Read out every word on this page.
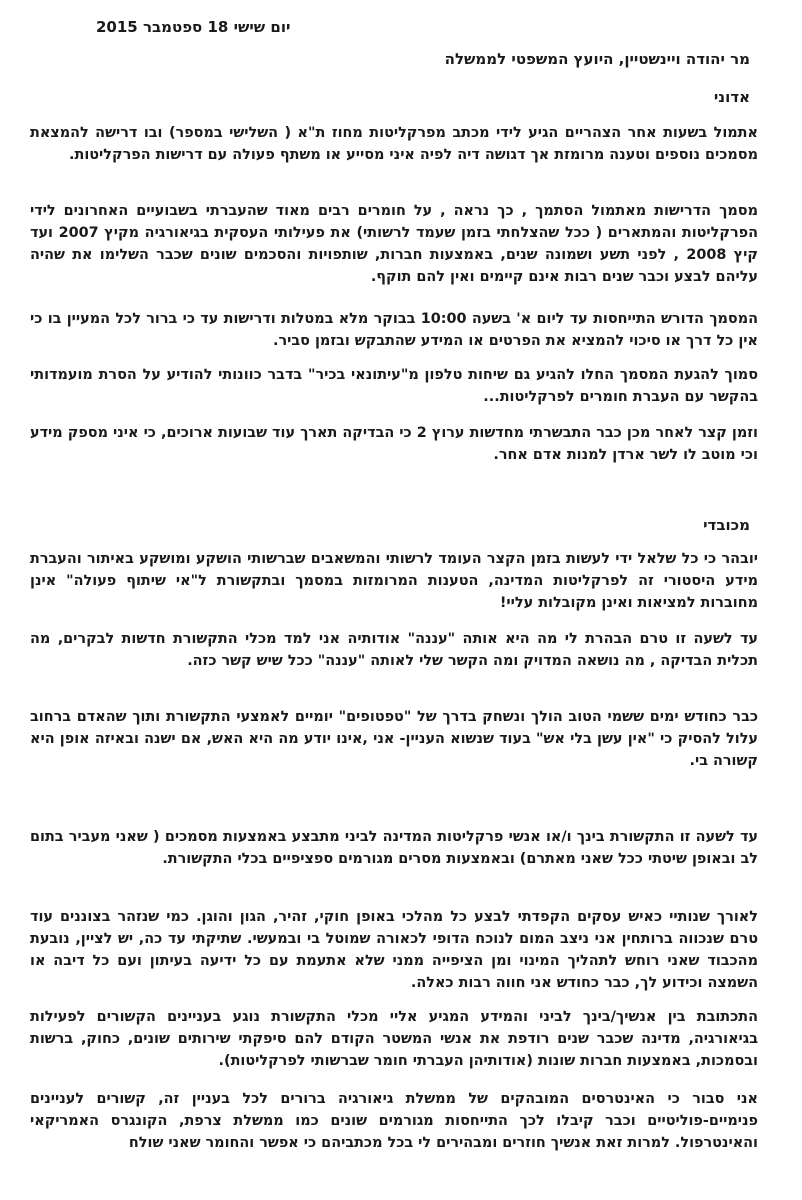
יום שישי 18 ספטמבר 2015
מר יהודה ויינשטיין, היועץ המשפטי לממשלה
אדוני

אתמול בשעות אחר הצהריים הגיע לידי מכתב מפרקליטות מחוז ת"א ( השלישי במספר) ובו דרישה להמצאת מסמכים נוספים וטענה מרומזת אך דגושה דיה לפיה איני מסייע או משתף פעולה עם דרישות הפרקליטות.

מסמך הדרישות מאתמול הסתמך , כך נראה , על חומרים רבים מאוד שהעברתי בשבועיים האחרונים לידי הפרקליטות והמתארים ( ככל שהצלחתי בזמן שעמד לרשותי) את פעילותי העסקית בגיאורגיה מקיץ 2007 ועד קיץ 2008 , לפני תשע ושמונה שנים, באמצעות חברות, שותפויות והסכמים שונים שכבר השלימו את שהיה עליהם לבצע וכבר שנים רבות אינם קיימים ואין להם תוקף.

המסמך הדורש התייחסות עד ליום א' בשעה 10:00 בבוקר מלא במטלות ודרישות עד כי ברור לכל המעיין בו כי אין כל דרך או סיכוי להמציא את הפרטים או המידע שהתבקש ובזמן סביר.

סמוך להגעת המסמך החלו להגיע גם שיחות טלפון מ"עיתונאי בכיר" בדבר כוונותי להודיע על הסרת מועמדותי בהקשר עם העברת חומרים לפרקליטות...

וזמן קצר לאחר מכן כבר התבשרתי מחדשות ערוץ 2 כי הבדיקה תארך עוד שבועות ארוכים, כי איני מספק מידע וכי מוטב לו לשר ארדן למנות אדם אחר.

מכובדי

יובהר כי כל שלאל ידי לעשות בזמן הקצר העומד לרשותי והמשאבים שברשותי הושקע ומושקע באיתור והעברת מידע היסטורי זה לפרקליטות המדינה, הטענות המרומזות במסמך ובתקשורת ל"אי שיתוף פעולה" אינן מחוברות למציאות ואינן מקובלות עליי!

עד לשעה זו טרם הבהרת לי מה היא אותה "עננה" אודותיה אני למד מכלי התקשורת חדשות לבקרים, מה תכלית הבדיקה , מה נושאה המדויק ומה הקשר שלי לאותה "עננה" ככל שיש קשר כזה.

כבר כחודש ימים ששמי הטוב הולך ונשחק בדרך של "טפטופים" יומיים לאמצעי התקשורת ותוך שהאדם ברחוב עלול להסיק כי "אין עשן בלי אש" בעוד שנשוא העניין- אני ,אינו יודע מה היא האש, אם ישנה ובאיזה אופן היא קשורה בי.

עד לשעה זו התקשורת בינך ו/או אנשי פרקליטות המדינה לביני מתבצע באמצעות מסמכים ( שאני מעביר בתום לב ובאופן שיטתי ככל שאני מאתרם) ובאמצעות מסרים מגורמים ספציפיים בכלי התקשורת.

לאורך שנותיי כאיש עסקים הקפדתי לבצע כל מהלכי באופן חוקי, זהיר, הגון והוגן. כמי שנזהר בצוננים עוד טרם שנכווה ברותחין אני ניצב המום לנוכח הדופי לכאורה שמוטל בי ובמעשי. שתיקתי עד כה, יש לציין, נובעת מהכבוד שאני רוחש לתהליך המינוי ומן הציפייה ממני שלא אתעמת עם כל ידיעה בעיתון ועם כל דיבה או השמצה וכידוע לך, כבר כחודש אני חווה רבות כאלה.

התכתובת בין אנשיך/בינך לביני והמידע המגיע אליי מכלי התקשורת נוגע בעניינים הקשורים לפעילות בגיאורגיה, מדינה שכבר שנים רודפת את אנשי המשטר הקודם להם סיפקתי שירותים שונים, כחוק, ברשות ובסמכות, באמצעות חברות שונות (אודותיהן העברתי חומר שברשותי לפרקליטות).

אני סבור כי האינטרסים המובהקים של ממשלת גיאורגיה ברורים לכל בעניין זה, קשורים לעניינים פנימיים-פוליטיים וכבר קיבלו לכך התייחסות מגורמים שונים כמו ממשלת צרפת, הקונגרס האמריקאי והאינטרפול. למרות זאת אנשיך חוזרים ומבהירים לי בכל מכתביהם כי אפשר והחומר שאני שולח
